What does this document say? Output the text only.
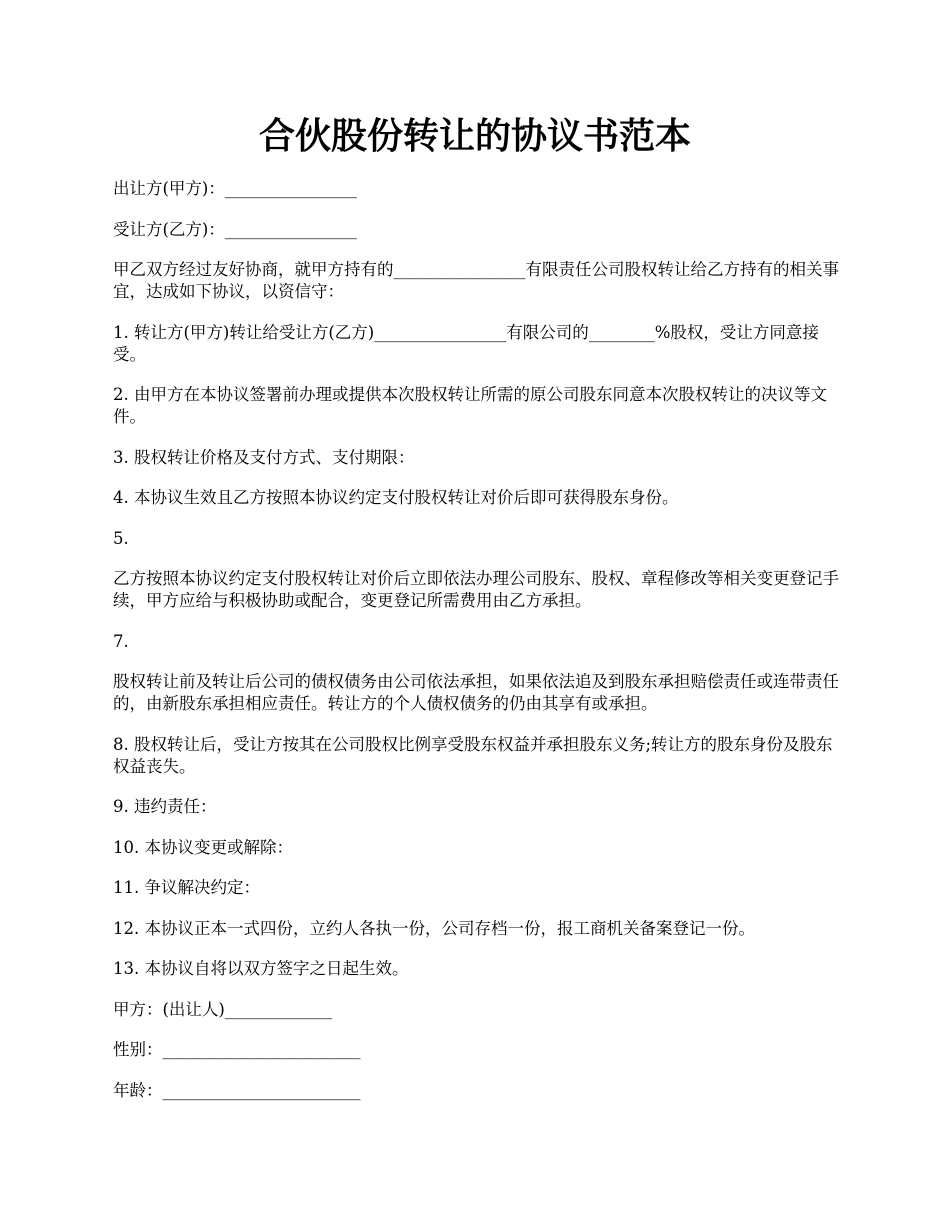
合伙股份转让的协议书范本

出让方(甲方)：________________

受让方(乙方)：________________

甲乙双方经过友好协商，就甲方持有的________________有限责任公司股权转让给乙方持有的相关事宜，达成如下协议，以资信守：

1. 转让方(甲方)转让给受让方(乙方)________________有限公司的________%股权，受让方同意接受。

2. 由甲方在本协议签署前办理或提供本次股权转让所需的原公司股东同意本次股权转让的决议等文件。

3. 股权转让价格及支付方式、支付期限：

4. 本协议生效且乙方按照本协议约定支付股权转让对价后即可获得股东身份。

5.

乙方按照本协议约定支付股权转让对价后立即依法办理公司股东、股权、章程修改等相关变更登记手续，甲方应给与积极协助或配合，变更登记所需费用由乙方承担。

7.

股权转让前及转让后公司的债权债务由公司依法承担，如果依法追及到股东承担赔偿责任或连带责任的，由新股东承担相应责任。转让方的个人债权债务的仍由其享有或承担。

8. 股权转让后，受让方按其在公司股权比例享受股东权益并承担股东义务;转让方的股东身份及股东权益丧失。

9. 违约责任：

10. 本协议变更或解除：

11. 争议解决约定：

12. 本协议正本一式四份，立约人各执一份，公司存档一份，报工商机关备案登记一份。

13. 本协议自将以双方签字之日起生效。

甲方：(出让人)_____________

性别：________________________

年龄：________________________
